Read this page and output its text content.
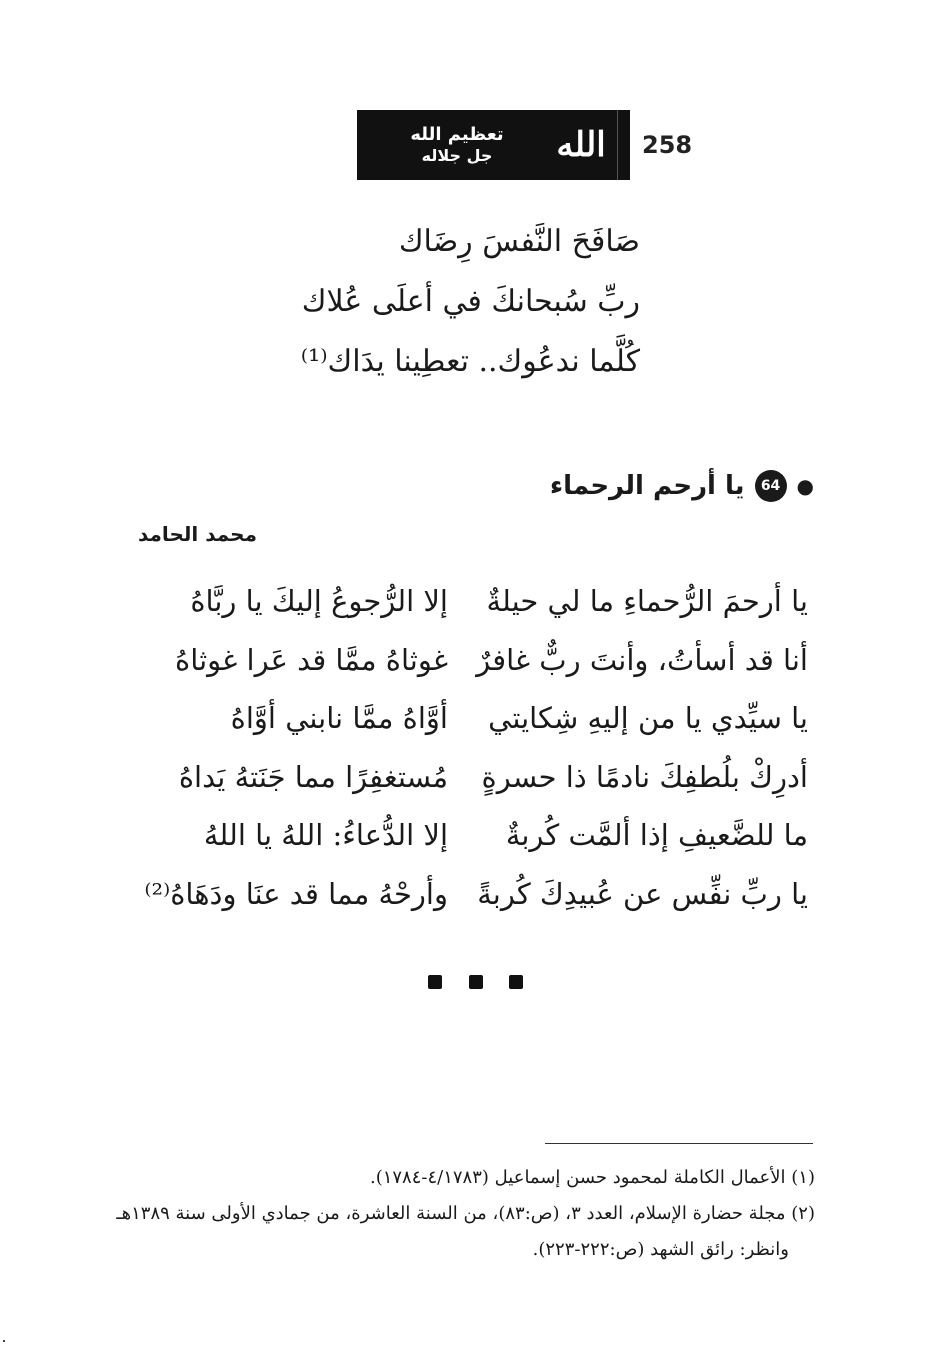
258
تعظيم الله
جل جلاله	الله
صَافَحَ النَّفسَ رِضَاك
ربِّ سُبحانكَ في أعلَى عُلاك
كُلَّما ندعُوك.. تعطِينا يدَاك⁽¹⁾
●
64
يا أرحم الرحماء
محمد الحامد
يا أرحمَ الرُّحماءِ ما لي حيلةٌ
إلا الرُّجوعُ إليكَ يا ربَّاهُ
أنا قد أسأتُ، وأنتَ ربٌّ غافرٌ
غوثاهُ ممَّا قد عَرا غوثاهُ
يا سيِّدي يا من إليهِ شِكايتي
أوَّاهُ ممَّا نابني أوَّاهُ
أدرِكْ بلُطفِكَ نادمًا ذا حسرةٍ
مُستغفِرًا مما جَنَتهُ يَداهُ
ما للضَّعيفِ إذا ألمَّت كُربةٌ
إلا الدُّعاءُ: اللهُ يا اللهُ
يا ربِّ نفِّس عن عُبيدِكَ كُربةً
وأرحْهُ مما قد عنَا ودَهَاهُ⁽²⁾
(١) الأعمال الكاملة لمحمود حسن إسماعيل (٤/١٧٨٣-١٧٨٤).
(٢) مجلة حضارة الإسلام، العدد ٣، (ص:٨٣)، من السنة العاشرة، من جمادي الأولى سنة ١٣٨٩هـ
وانظر: رائق الشهد (ص:٢٢٢-٢٢٣).
